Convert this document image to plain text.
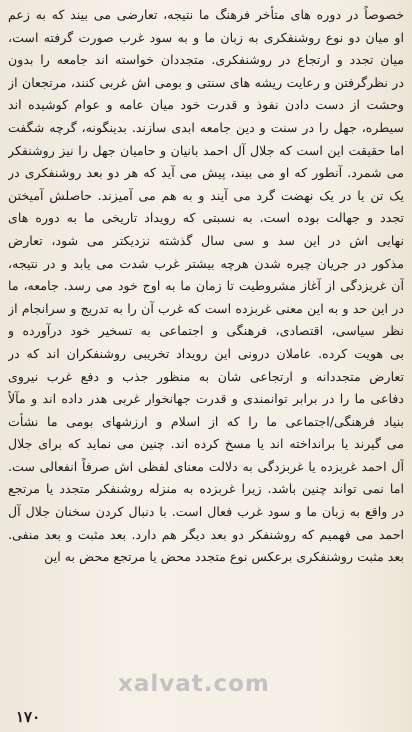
خصوصاً در دوره های متأخر فرهنگ ما نتیجه، تعارضی می بیند که به زعم
او میان دو نوع روشنفکری به زبان ما و به سود غرب صورت گرفته است،
میان تجدد و ارتجاع در روشنفکری. متجددان خواسته اند جامعه را بدون
در نظرگرفتن و رعایت ریشه های سنتی و بومی اش غربی کنند، مرتجعان از
وحشت از دست دادن نفوذ و قدرت خود میان عامه و عوام کوشیده اند
سیطره، جهل را در سنت و دین جامعه ابدی سازند. بدینگونه، گرچه شگفت
اما حقیقت این است که جلال آل احمد بانیان و حامیان جهل را نیز روشنفکر
می شمرد. آنطور که او می بیند، پیش می آید که هر دو بعد روشنفکری در
یک تن یا در یک نهضت گرد می آیند و به هم می آمیزند. حاصلش آمیختن
تجدد و جهالت بوده است. به نسبتی که رویداد تاریخی ما به دوره های
نهایی اش در این سد و سی سال گذشته نزدیکتر می شود، تعارض
مذکور در جریان چیره شدن هرچه بیشتر غرب شدت می یابد و در نتیجه،
آن غربزدگی از آغاز مشروطیت تا زمان ما به اوج خود می رسد. جامعه، ما
در این حد و به این معنی غربزده است که غرب آن را به تدریج و سرانجام از
نظر سیاسی، اقتصادی، فرهنگی و اجتماعی به تسخیر خود درآورده و
بی هویت کرده. عاملان درونی این رویداد تخریبی روشنفکران اند که در
تعارض متجددانه و ارتجاعی شان به منظور جذب و دفع غرب نیروی
دفاعی ما را در برابر توانمندی و قدرت جهانخوار غربی هدر داده اند و مآلاً
بنیاد فرهنگی/اجتماعی ما را که از اسلام و ارزشهای بومی ما نشأت
می گیرند یا برانداخته اند یا مسخ کرده اند. چنین می نماید که برای جلال
آل احمد غربزده یا غربزدگی به دلالت معنای لفظی اش صرفاً انفعالی ست.
اما نمی تواند چنین باشد. زیرا غربزده به منزله روشنفکر متجدد یا مرتجع
در واقع به زبان ما و سود غرب فعال است. با دنبال کردن سخنان جلال آل
احمد می فهمیم که روشنفکر دو بعد دیگر هم دارد. بعد مثبت و بعد منفی.
بعد مثبت روشنفکری برعکس نوع متجدد محض یا مرتجع محض به این
xalvat.com
۱۷۰
